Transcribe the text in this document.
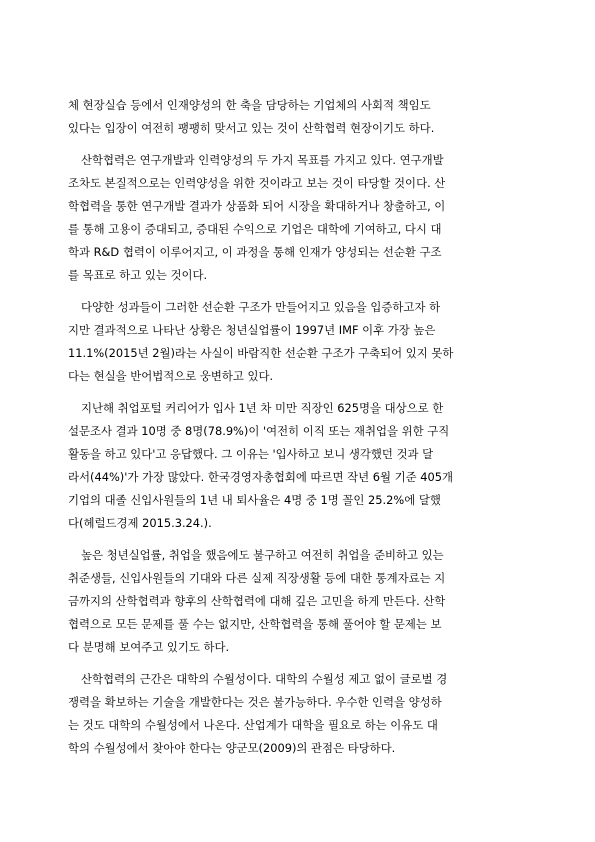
체 현장실습 등에서 인재양성의 한 축을 담당하는 기업체의 사회적 책임도
있다는 입장이 여전히 팽팽히 맞서고 있는 것이 산학협력 현장이기도 하다.
산학협력은 연구개발과 인력양성의 두 가지 목표를 가지고 있다. 연구개발
조차도 본질적으로는 인력양성을 위한 것이라고 보는 것이 타당할 것이다. 산
학협력을 통한 연구개발 결과가 상품화 되어 시장을 확대하거나 창출하고, 이
를 통해 고용이 증대되고, 증대된 수익으로 기업은 대학에 기여하고, 다시 대
학과 R&D 협력이 이루어지고, 이 과정을 통해 인재가 양성되는 선순환 구조
를 목표로 하고 있는 것이다.
다양한 성과들이 그러한 선순환 구조가 만들어지고 있음을 입증하고자 하
지만 결과적으로 나타난 상황은 청년실업률이 1997년 IMF 이후 가장 높은
11.1%(2015년 2월)라는 사실이 바람직한 선순환 구조가 구축되어 있지 못하
다는 현실을 반어법적으로 웅변하고 있다.
지난해 취업포털 커리어가 입사 1년 차 미만 직장인 625명을 대상으로 한
설문조사 결과 10명 중 8명(78.9%)이 '여전히 이직 또는 재취업을 위한 구직
활동을 하고 있다'고 응답했다. 그 이유는 '입사하고 보니 생각했던 것과 달
라서(44%)'가 가장 많았다. 한국경영자총협회에 따르면 작년 6월 기준 405개
기업의 대졸 신입사원들의 1년 내 퇴사율은 4명 중 1명 꼴인 25.2%에 달했
다(헤럴드경제 2015.3.24.).
높은 청년실업률, 취업을 했음에도 불구하고 여전히 취업을 준비하고 있는
취준생들, 신입사원들의 기대와 다른 실제 직장생활 등에 대한 통계자료는 지
금까지의 산학협력과 향후의 산학협력에 대해 깊은 고민을 하게 만든다. 산학
협력으로 모든 문제를 풀 수는 없지만, 산학협력을 통해 풀어야 할 문제는 보
다 분명해 보여주고 있기도 하다.
산학협력의 근간은 대학의 수월성이다. 대학의 수월성 제고 없이 글로벌 경
쟁력을 확보하는 기술을 개발한다는 것은 불가능하다. 우수한 인력을 양성하
는 것도 대학의 수월성에서 나온다. 산업계가 대학을 필요로 하는 이유도 대
학의 수월성에서 찾아야 한다는 양군모(2009)의 관점은 타당하다.
